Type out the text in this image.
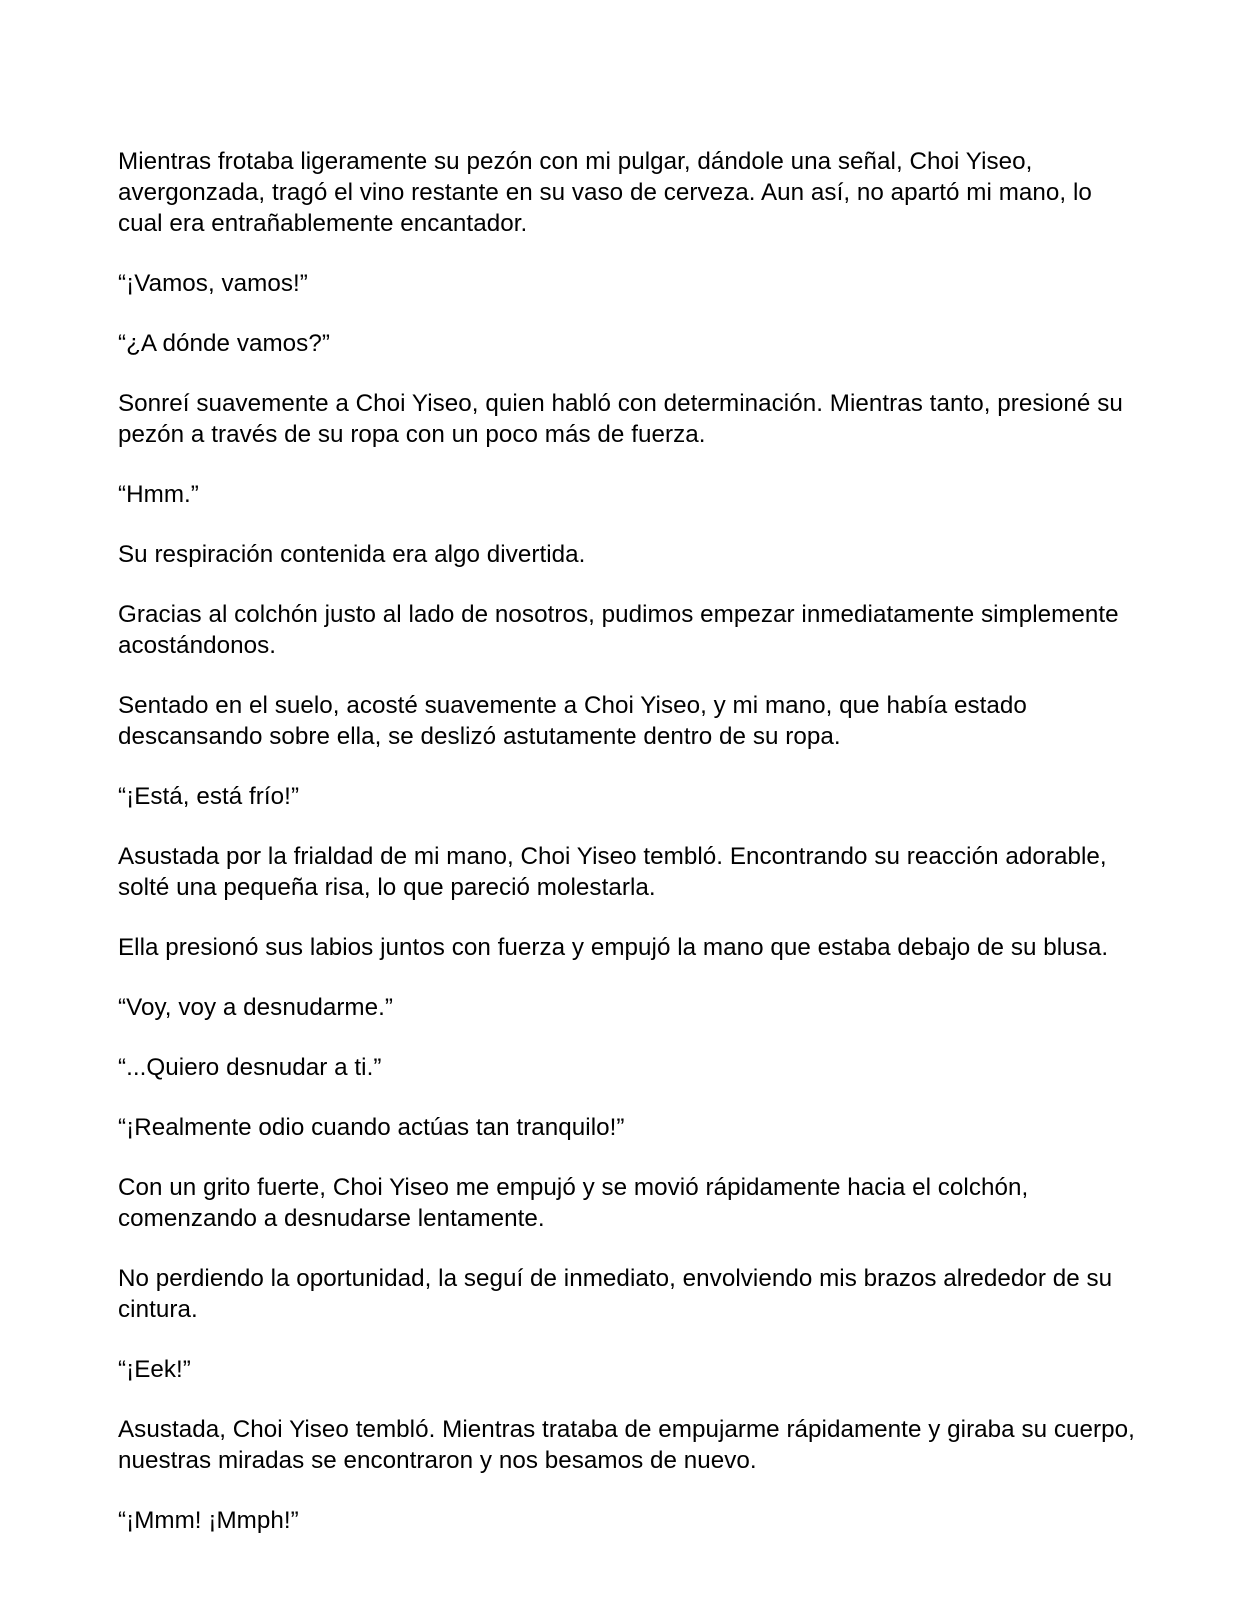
Mientras frotaba ligeramente su pezón con mi pulgar, dándole una señal, Choi Yiseo, avergonzada, tragó el vino restante en su vaso de cerveza. Aun así, no apartó mi mano, lo cual era entrañablemente encantador.

“¡Vamos, vamos!”

“¿A dónde vamos?”

Sonreí suavemente a Choi Yiseo, quien habló con determinación. Mientras tanto, presioné su pezón a través de su ropa con un poco más de fuerza.

“Hmm.”

Su respiración contenida era algo divertida.

Gracias al colchón justo al lado de nosotros, pudimos empezar inmediatamente simplemente acostándonos.

Sentado en el suelo, acosté suavemente a Choi Yiseo, y mi mano, que había estado descansando sobre ella, se deslizó astutamente dentro de su ropa.

“¡Está, está frío!”

Asustada por la frialdad de mi mano, Choi Yiseo tembló. Encontrando su reacción adorable, solté una pequeña risa, lo que pareció molestarla.

Ella presionó sus labios juntos con fuerza y empujó la mano que estaba debajo de su blusa.

“Voy, voy a desnudarme.”

“...Quiero desnudar a ti.”

“¡Realmente odio cuando actúas tan tranquilo!”

Con un grito fuerte, Choi Yiseo me empujó y se movió rápidamente hacia el colchón, comenzando a desnudarse lentamente.

No perdiendo la oportunidad, la seguí de inmediato, envolviendo mis brazos alrededor de su cintura.

“¡Eek!”

Asustada, Choi Yiseo tembló. Mientras trataba de empujarme rápidamente y giraba su cuerpo, nuestras miradas se encontraron y nos besamos de nuevo.

“¡Mmm! ¡Mmph!”
